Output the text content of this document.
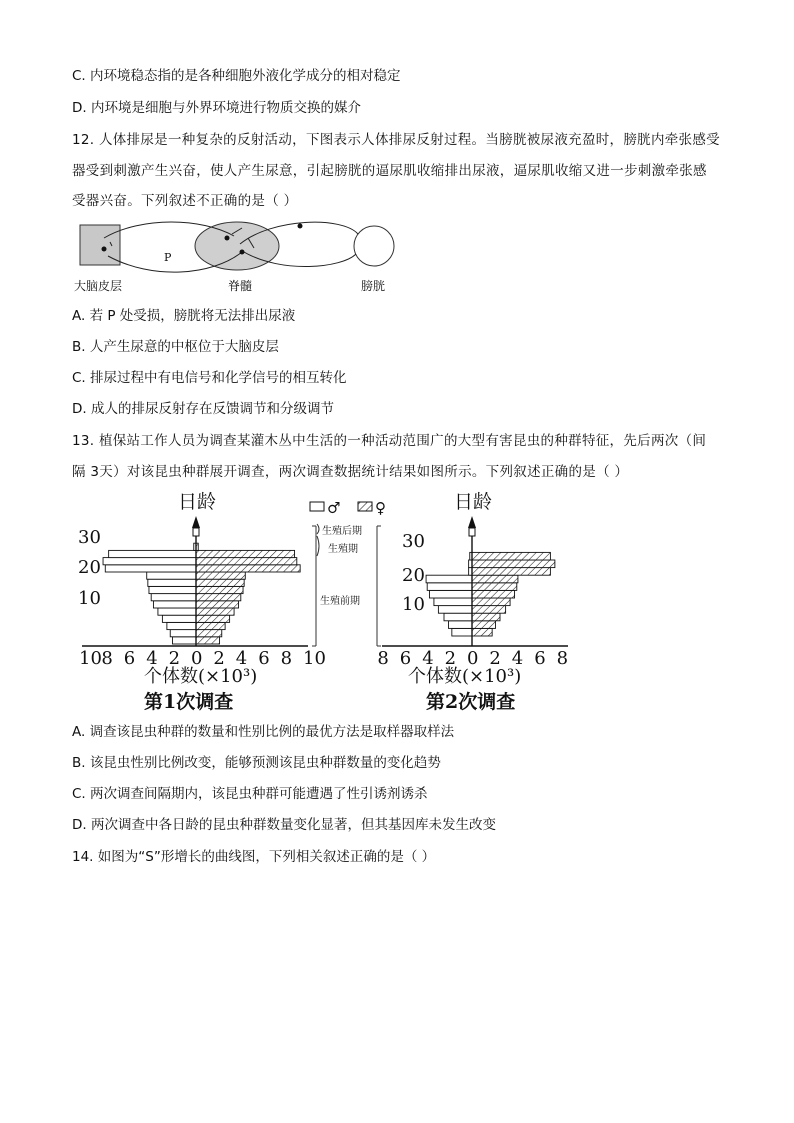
C. 内环境稳态指的是各种细胞外液化学成分的相对稳定
D. 内环境是细胞与外界环境进行物质交换的媒介
12. 人体排尿是一种复杂的反射活动，下图表示人体排尿反射过程。当膀胱被尿液充盈时，膀胱内牵张感受
器受到刺激产生兴奋，使人产生尿意，引起膀胱的逼尿肌收缩排出尿液，逼尿肌收缩又进一步刺激牵张感
受器兴奋。下列叙述不正确的是（ ）
P
大脑皮层	脊髓	膀胱
A. 若 P 处受损，膀胱将无法排出尿液
B. 人产生尿意的中枢位于大脑皮层
C. 排尿过程中有电信号和化学信号的相互转化
D. 成人的排尿反射存在反馈调节和分级调节
13. 植保站工作人员为调查某灌木丛中生活的一种活动范围广的大型有害昆虫的种群特征，先后两次（间
隔 3天）对该昆虫种群展开调查，两次调查数据统计结果如图所示。下列叙述正确的是（ ）
日龄
30
20
10
10 8 6 4 2 0 2 4 6 8 10
个体数(×10³)
第1次调查
♂ ♀
生殖后期
生殖期
生殖前期
日龄
30
20
10
8 6 4 2 0 2 4 6 8
个体数(×10³)
第2次调查
A. 调查该昆虫种群的数量和性别比例的最优方法是取样器取样法
B. 该昆虫性别比例改变，能够预测该昆虫种群数量的变化趋势
C. 两次调查间隔期内，该昆虫种群可能遭遇了性引诱剂诱杀
D. 两次调查中各日龄的昆虫种群数量变化显著，但其基因库未发生改变
14. 如图为“S”形增长的曲线图，下列相关叙述正确的是（ ）
